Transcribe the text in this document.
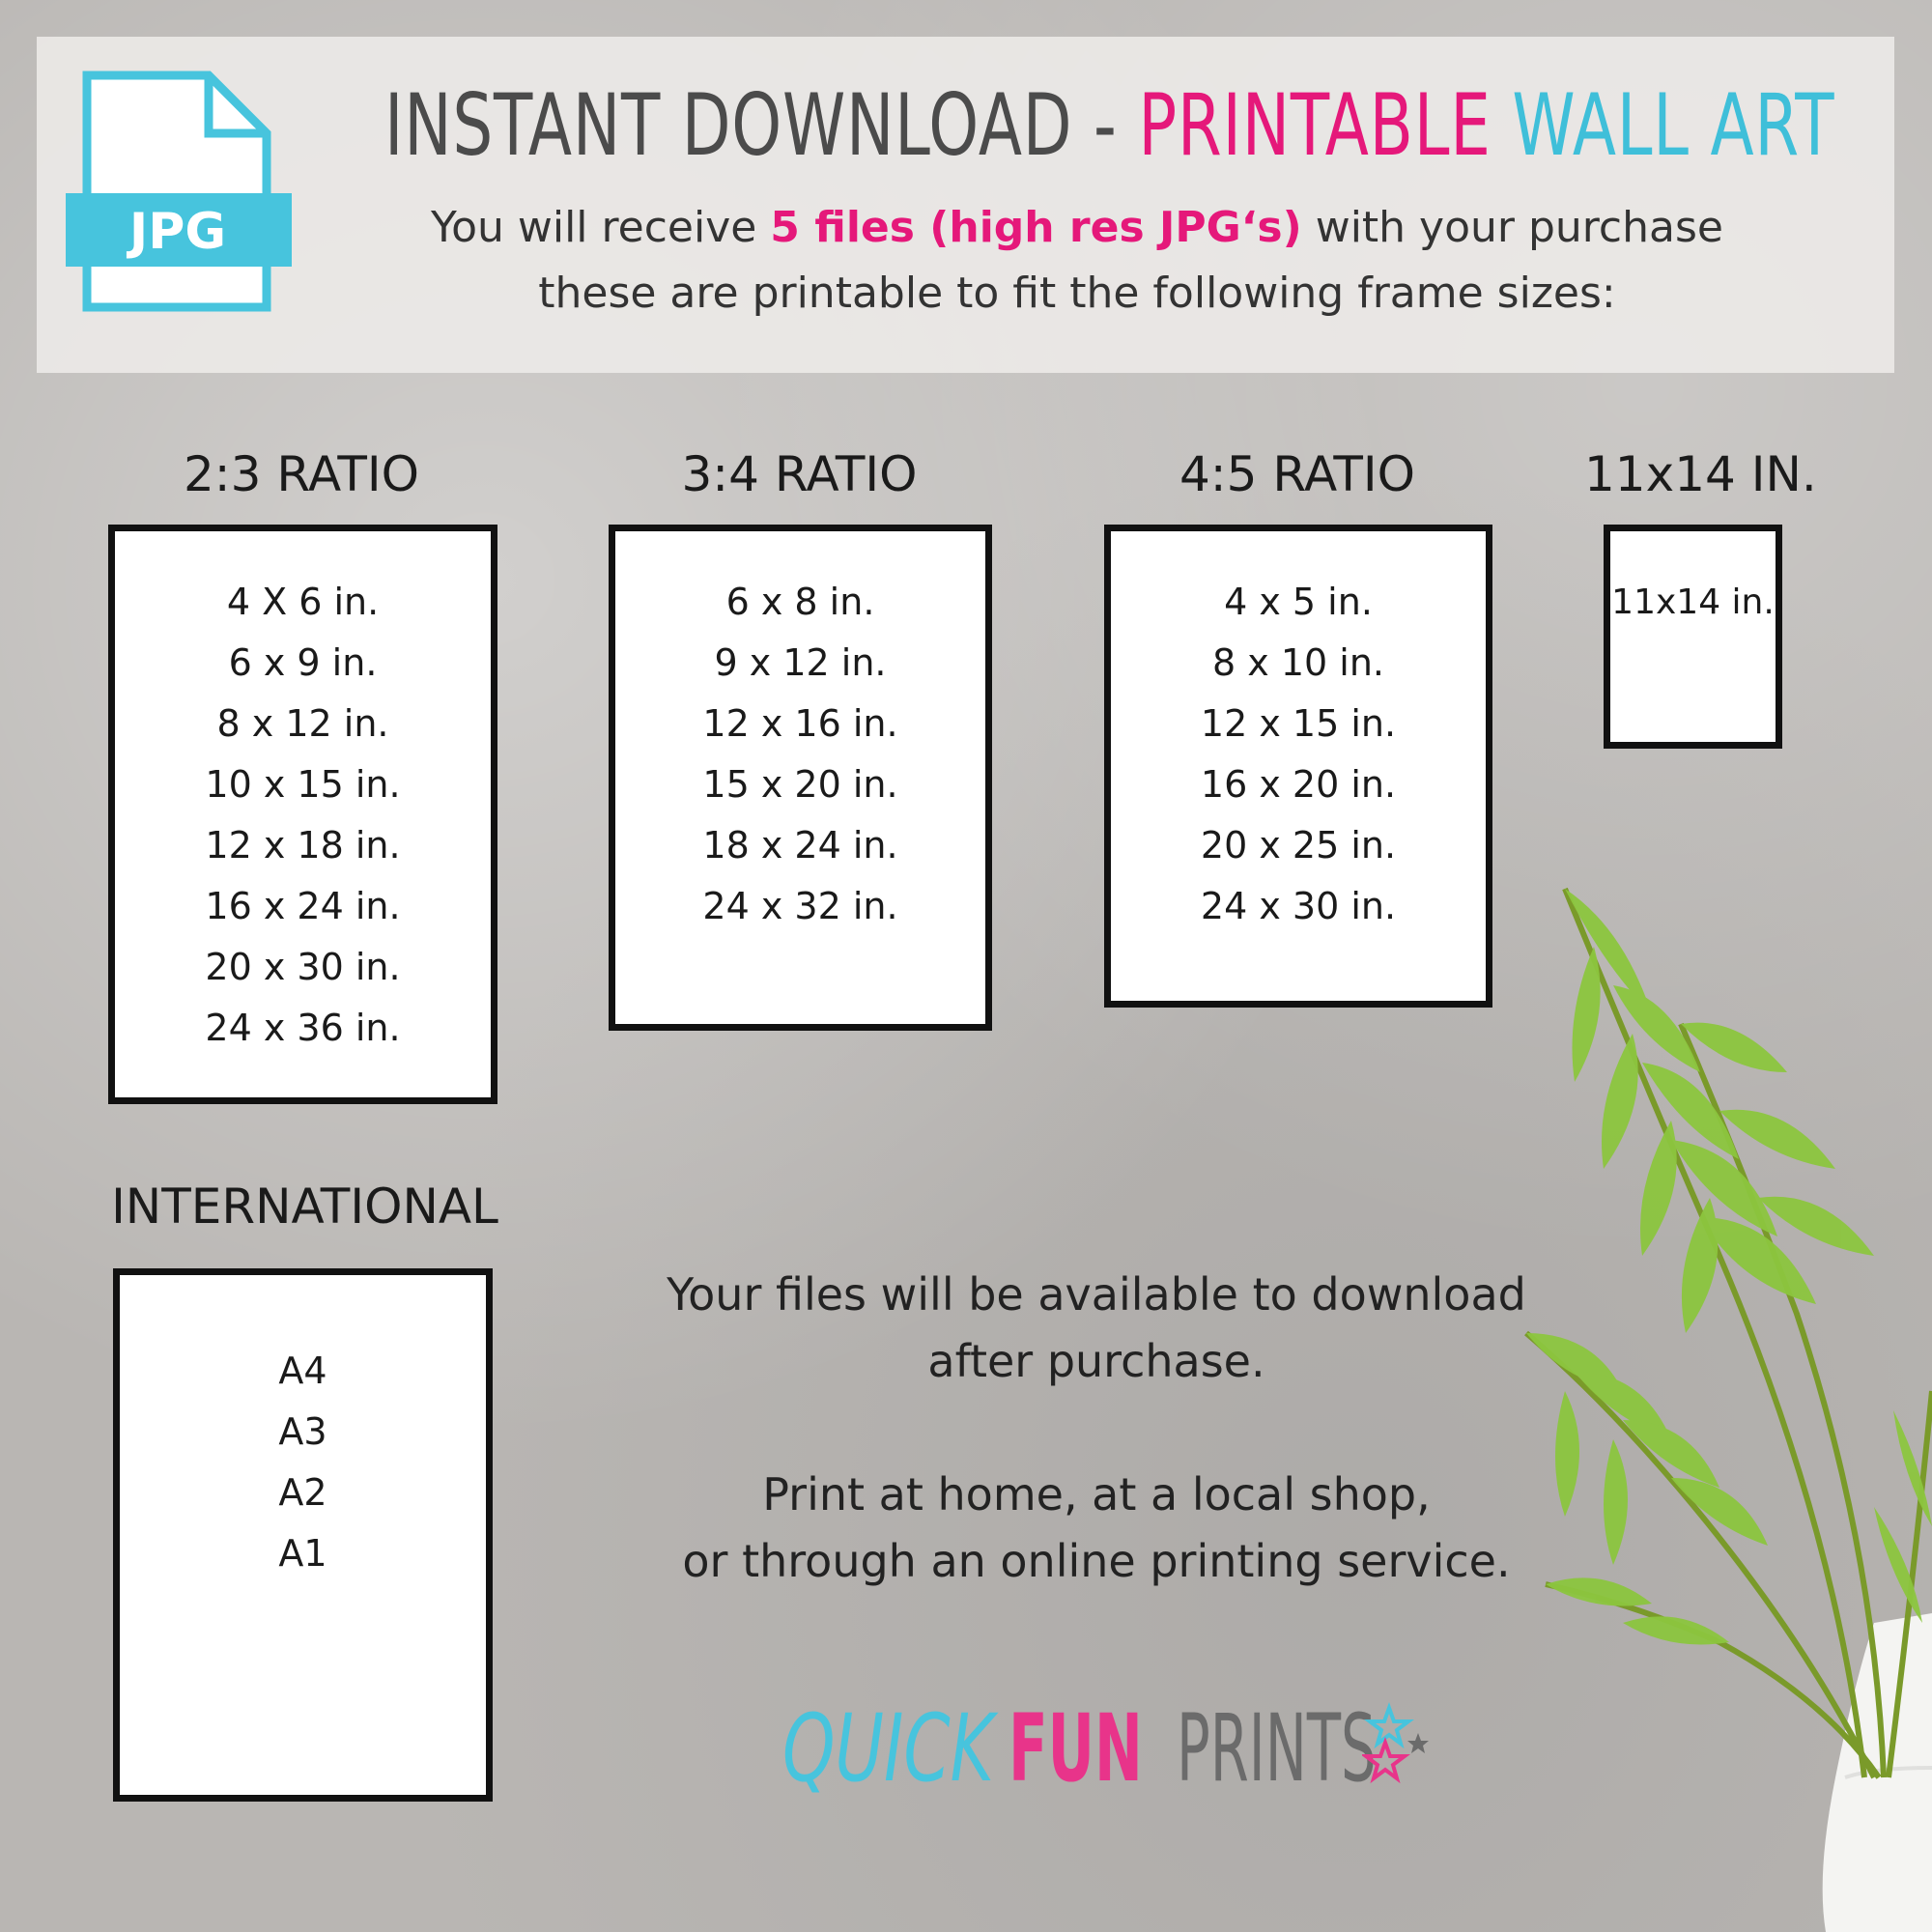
JPG
INSTANT DOWNLOAD - PRINTABLE WALL ART
You will receive 5 files (high res JPG‘s) with your purchase
these are printable to fit the following frame sizes:
2:3 RATIO
4 X 6 in.
6 x 9 in.
8 x 12 in.
10 x 15 in.
12 x 18 in.
16 x 24 in.
20 x 30 in.
24 x 36 in.
3:4 RATIO
6 x 8 in.
9 x 12 in.
12 x 16 in.
15 x 20 in.
18 x 24 in.
24 x 32 in.
4:5 RATIO
4 x 5 in.
8 x 10 in.
12 x 15 in.
16 x 20 in.
20 x 25 in.
24 x 30 in.
11x14 IN.
11x14 in.
INTERNATIONAL
A4
A3
A2
A1
Your files will be available to download
after purchase.
Print at home, at a local shop,
or through an online printing service.
QUICK FUN PRINTS
